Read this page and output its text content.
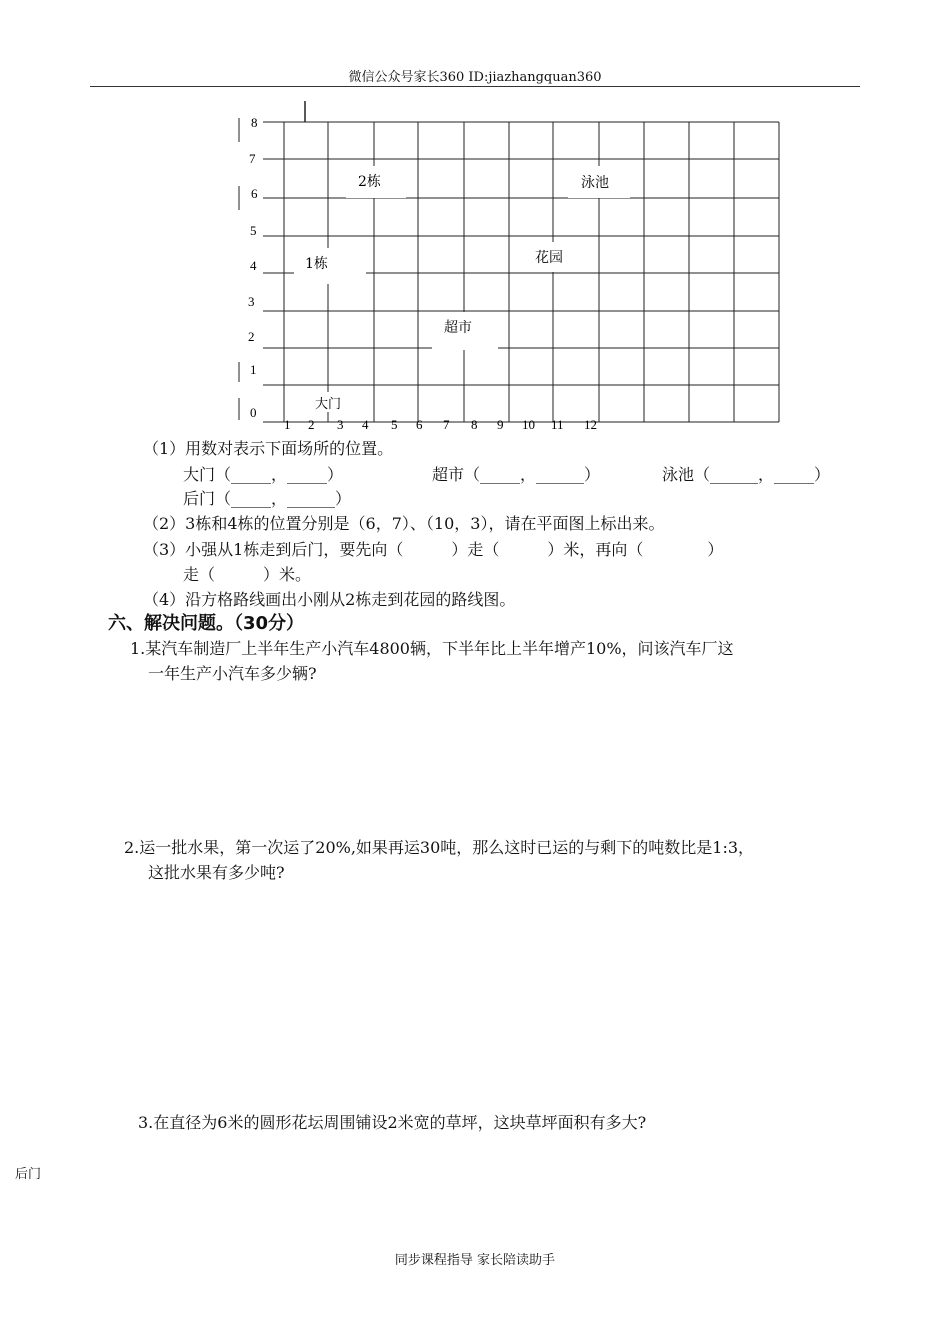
微信公众号家长360 ID:jiazhangquan360
8
7
6
5
4
3
2
1
0
1 2 3 4 5 6 7 8 9 10 11 12
2栋	泳池
1栋	花园
超市
大门
（1）用数对表示下面场所的位置。
大门（_____，_____）	超市（_____，______）	泳池（______，_____）
后门（_____，______）
（2）3栋和4栋的位置分别是（6，7）、（10，3），请在平面图上标出来。
（3）小强从1栋走到后门，要先向（　　　）走（　　　）米，再向（　　　　）
走（　　　）米。
（4）沿方格路线画出小刚从2栋走到花园的路线图。
六、解决问题。（30分）
1.某汽车制造厂上半年生产小汽车4800辆，下半年比上半年增产10%，问该汽车厂这
一年生产小汽车多少辆?
2.运一批水果，第一次运了20%,如果再运30吨，那么这时已运的与剩下的吨数比是1:3，
这批水果有多少吨?
3.在直径为6米的圆形花坛周围铺设2米宽的草坪，这块草坪面积有多大?
后门
同步课程指导 家长陪读助手
